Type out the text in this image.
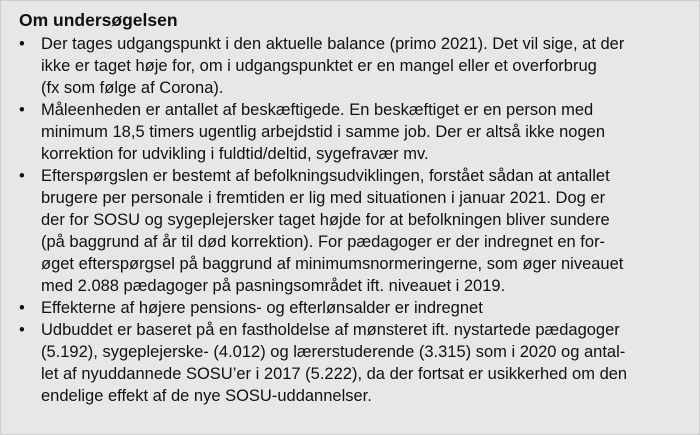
Om undersøgelsen
• Der tages udgangspunkt i den aktuelle balance (primo 2021). Det vil sige, at der
ikke er taget høje for, om i udgangspunktet er en mangel eller et overforbrug
(fx som følge af Corona).
• Måleenheden er antallet af beskæftigede. En beskæftiget er en person med
minimum 18,5 timers ugentlig arbejdstid i samme job. Der er altså ikke nogen
korrektion for udvikling i fuldtid/deltid, sygefravær mv.
• Efterspørgslen er bestemt af befolkningsudviklingen, forstået sådan at antallet
brugere per personale i fremtiden er lig med situationen i januar 2021. Dog er
der for SOSU og sygeplejersker taget højde for at befolkningen bliver sundere
(på baggrund af år til død korrektion). For pædagoger er der indregnet en for-
øget efterspørgsel på baggrund af minimumsnormeringerne, som øger niveauet
med 2.088 pædagoger på pasningsområdet ift. niveauet i 2019.
• Effekterne af højere pensions- og efterlønsalder er indregnet
• Udbuddet er baseret på en fastholdelse af mønsteret ift. nystartede pædagoger
(5.192), sygeplejerske- (4.012) og lærerstuderende (3.315) som i 2020 og antal-
let af nyuddannede SOSU’er i 2017 (5.222), da der fortsat er usikkerhed om den
endelige effekt af de nye SOSU-uddannelser.
